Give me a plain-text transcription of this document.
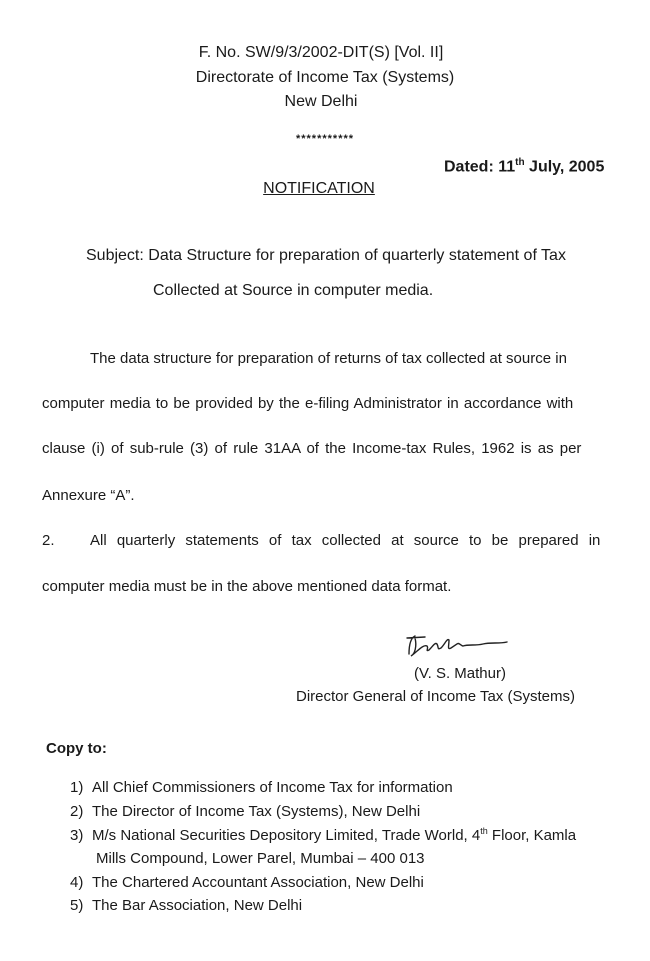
F. No. SW/9/3/2002-DIT(S) [Vol. II]
Directorate of Income Tax (Systems)
New Delhi
***********
Dated: 11th July, 2005
NOTIFICATION
Subject: Data Structure for preparation of quarterly statement of Tax
Collected at Source in computer media.
The data structure for preparation of returns of tax collected at source in
computer media to be provided by the e-filing Administrator in accordance with
clause (i) of sub-rule (3) of rule 31AA of the Income-tax Rules, 1962 is as per
Annexure “A”.
2. All quarterly statements of tax collected at source to be prepared in
computer media must be in the above mentioned data format.
(V. S. Mathur)
Director General of Income Tax (Systems)
Copy to:
1) All Chief Commissioners of Income Tax for information
2) The Director of Income Tax (Systems), New Delhi
3) M/s National Securities Depository Limited, Trade World, 4th Floor, Kamla
Mills Compound, Lower Parel, Mumbai – 400 013
4) The Chartered Accountant Association, New Delhi
5) The Bar Association, New Delhi
